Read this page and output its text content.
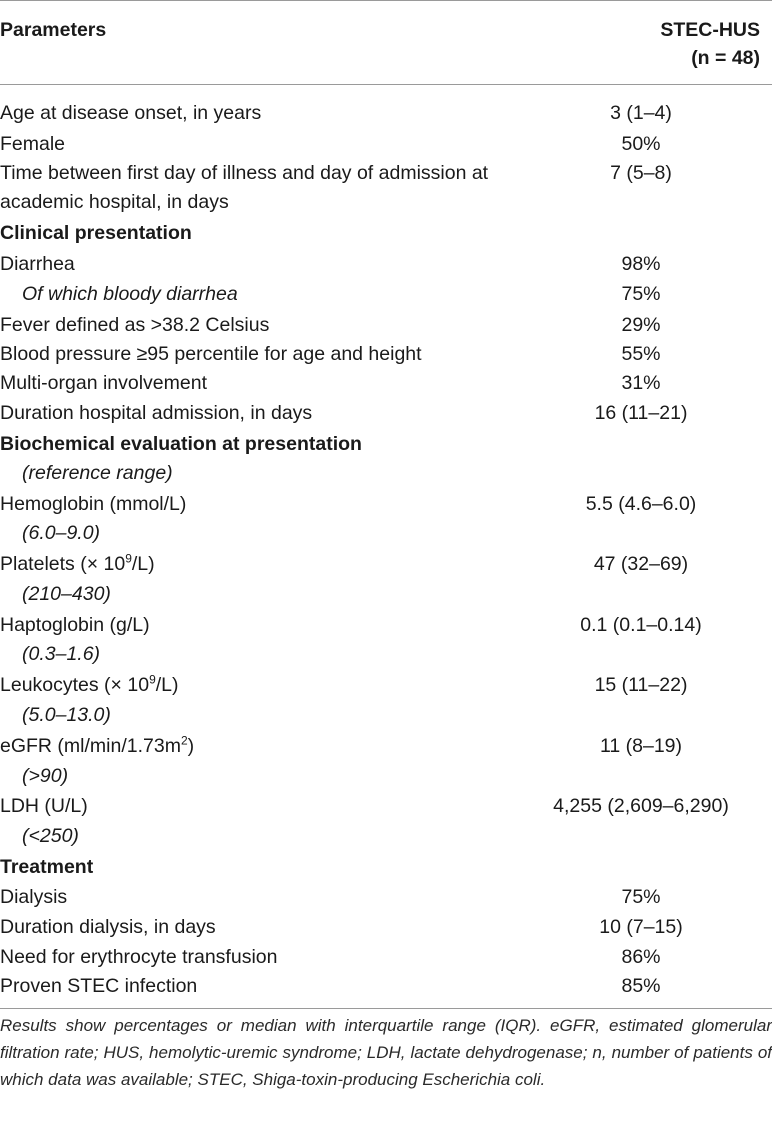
Parameters	STEC-HUS
(n = 48)
Age at disease onset, in years	3 (1–4)
Female	50%
Time between first day of illness and day of admission at	7 (5–8)
academic hospital, in days
Clinical presentation
Diarrhea	98%
Of which bloody diarrhea	75%
Fever defined as >38.2 Celsius	29%
Blood pressure ≥95 percentile for age and height	55%
Multi-organ involvement	31%
Duration hospital admission, in days	16 (11–21)
Biochemical evaluation at presentation
(reference range)
Hemoglobin (mmol/L)	5.5 (4.6–6.0)
(6.0–9.0)
Platelets (× $10^9/L$)	47 (32–69)
(210–430)
Haptoglobin (g/L)	0.1 (0.1–0.14)
(0.3–1.6)
Leukocytes (× $10^9/L$)	15 (11–22)
(5.0–13.0)
eGFR $(ml/\min/1.73m^2)$	11 (8–19)
(>90)
LDH (U/L)	4,255 (2,609–6,290)
(<250)
Treatment
Dialysis	75%
Duration dialysis, in days	10 (7–15)
Need for erythrocyte transfusion	86%
Proven STEC infection	85%
Results show percentages or median with interquartile range (IQR). eGFR, estimated glomerular filtration rate; HUS, hemolytic-uremic syndrome; LDH, lactate dehydrogenase; n, number of patients of which data was available; STEC, Shiga-toxin-producing Escherichia coli.
